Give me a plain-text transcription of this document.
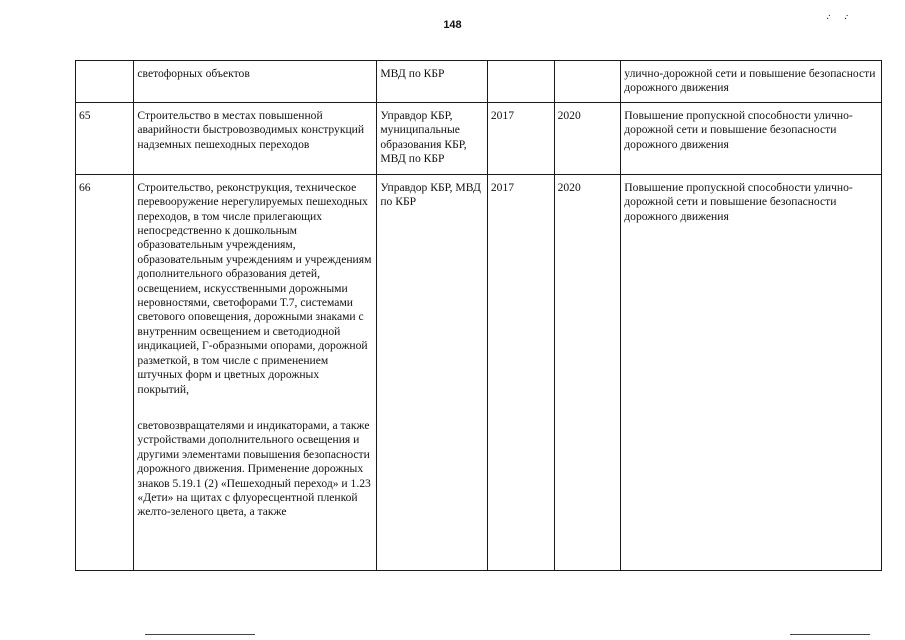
148	·̇ ·̇

	светофорных объектов	МВД по КБР			улично-дорожной сети и повышение безопасности дорожного движения
65	Строительство в местах повышенной аварийности быстровозводимых конструкций надземных пешеходных переходов	Управдор КБР, муниципальные образования КБР, МВД по КБР	2017	2020	Повышение пропускной способности улично-дорожной сети и повышение безопасности дорожного движения
66	Строительство, реконструкция, техническое перевооружение нерегулируемых пешеходных переходов, в том числе прилегающих непосредственно к дошкольным образовательным учреждениям, образовательным учреждениям и учреждениям дополнительного образования детей, освещением, искусственными дорожными неровностями, светофорами Т.7, системами светового оповещения, дорожными знаками с внутренним освещением и светодиодной индикацией, Г-образными опорами, дорожной разметкой, в том числе с применением штучных форм и цветных дорожных покрытий,
световозвращателями и индикаторами, а также устройствами дополнительного освещения и другими элементами повышения безопасности дорожного движения. Применение дорожных знаков 5.19.1 (2) «Пешеходный переход» и 1.23 «Дети» на щитах с флуоресцентной пленкой желто-зеленого цвета, а также	Управдор КБР, МВД по КБР	2017	2020	Повышение пропускной способности улично-дорожной сети и повышение безопасности дорожного движения
